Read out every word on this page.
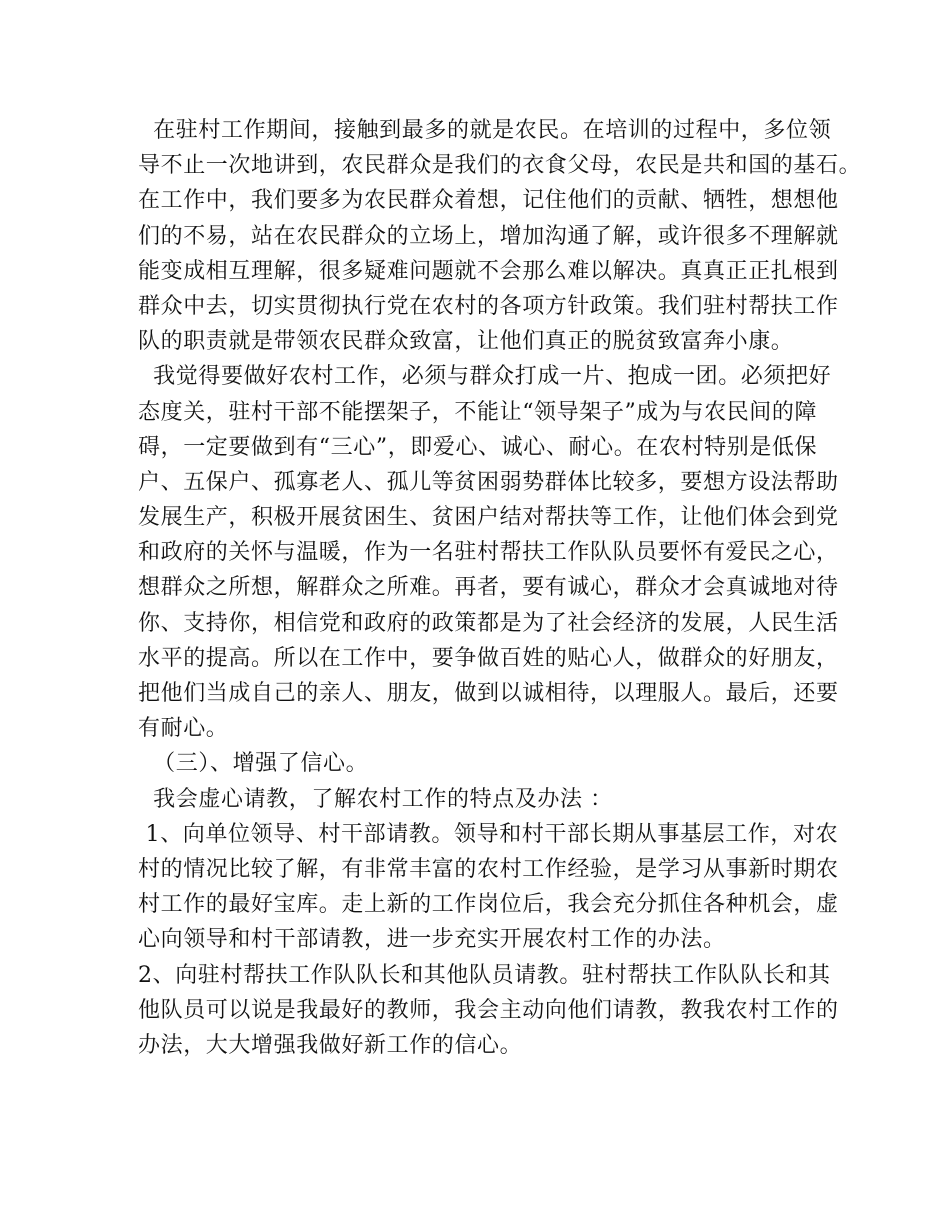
在驻村工作期间，接触到最多的就是农民。在培训的过程中，多位领
导不止一次地讲到，农民群众是我们的衣食父母，农民是共和国的基石。
在工作中，我们要多为农民群众着想，记住他们的贡献、牺牲，想想他
们的不易，站在农民群众的立场上，增加沟通了解，或许很多不理解就
能变成相互理解，很多疑难问题就不会那么难以解决。真真正正扎根到
群众中去，切实贯彻执行党在农村的各项方针政策。我们驻村帮扶工作
队的职责就是带领农民群众致富，让他们真正的脱贫致富奔小康。
我觉得要做好农村工作，必须与群众打成一片、抱成一团。必须把好
态度关，驻村干部不能摆架子，不能让“领导架子”成为与农民间的障
碍，一定要做到有“三心”，即爱心、诚心、耐心。在农村特别是低保
户、五保户、孤寡老人、孤儿等贫困弱势群体比较多，要想方设法帮助
发展生产，积极开展贫困生、贫困户结对帮扶等工作，让他们体会到党
和政府的关怀与温暖，作为一名驻村帮扶工作队队员要怀有爱民之心，
想群众之所想，解群众之所难。再者，要有诚心，群众才会真诚地对待
你、支持你，相信党和政府的政策都是为了社会经济的发展，人民生活
水平的提高。所以在工作中，要争做百姓的贴心人，做群众的好朋友，
把他们当成自己的亲人、朋友，做到以诚相待，以理服人。最后，还要
有耐心。
（三）、增强了信心。
我会虚心请教，了解农村工作的特点及办法 ：
1、向单位领导、村干部请教。领导和村干部长期从事基层工作，对农
村的情况比较了解，有非常丰富的农村工作经验，是学习从事新时期农
村工作的最好宝库。走上新的工作岗位后，我会充分抓住各种机会，虚
心向领导和村干部请教，进一步充实开展农村工作的办法。
2、向驻村帮扶工作队队长和其他队员请教。驻村帮扶工作队队长和其
他队员可以说是我最好的教师，我会主动向他们请教，教我农村工作的
办法，大大增强我做好新工作的信心。
